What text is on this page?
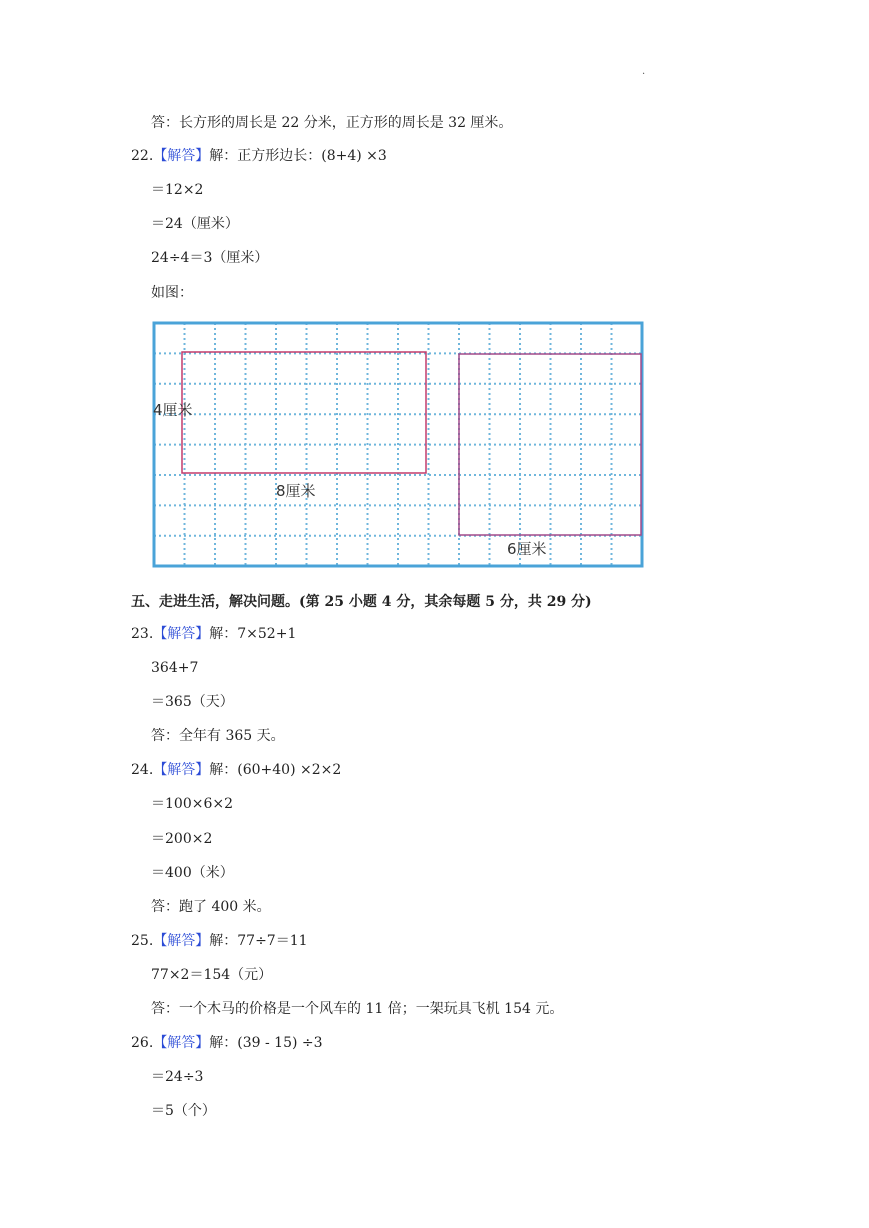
.
答：长方形的周长是 22 分米，正方形的周长是 32 厘米。
22.【解答】解：正方形边长：(8+4) ×3
＝12×2
＝24（厘米）
24÷4＝3（厘米）
如图：
4厘米
8厘米
6厘米
五、走进生活，解决问题。(第 25 小题 4 分，其余每题 5 分，共 29 分)
23.【解答】解：7×52+1
364+7
＝365（天）
答：全年有 365 天。
24.【解答】解：(60+40) ×2×2
＝100×6×2
＝200×2
＝400（米）
答：跑了 400 米。
25.【解答】解：77÷7＝11
77×2＝154（元）
答：一个木马的价格是一个风车的 11 倍；一架玩具飞机 154 元。
26.【解答】解：(39 - 15) ÷3
＝24÷3
＝5（个）
